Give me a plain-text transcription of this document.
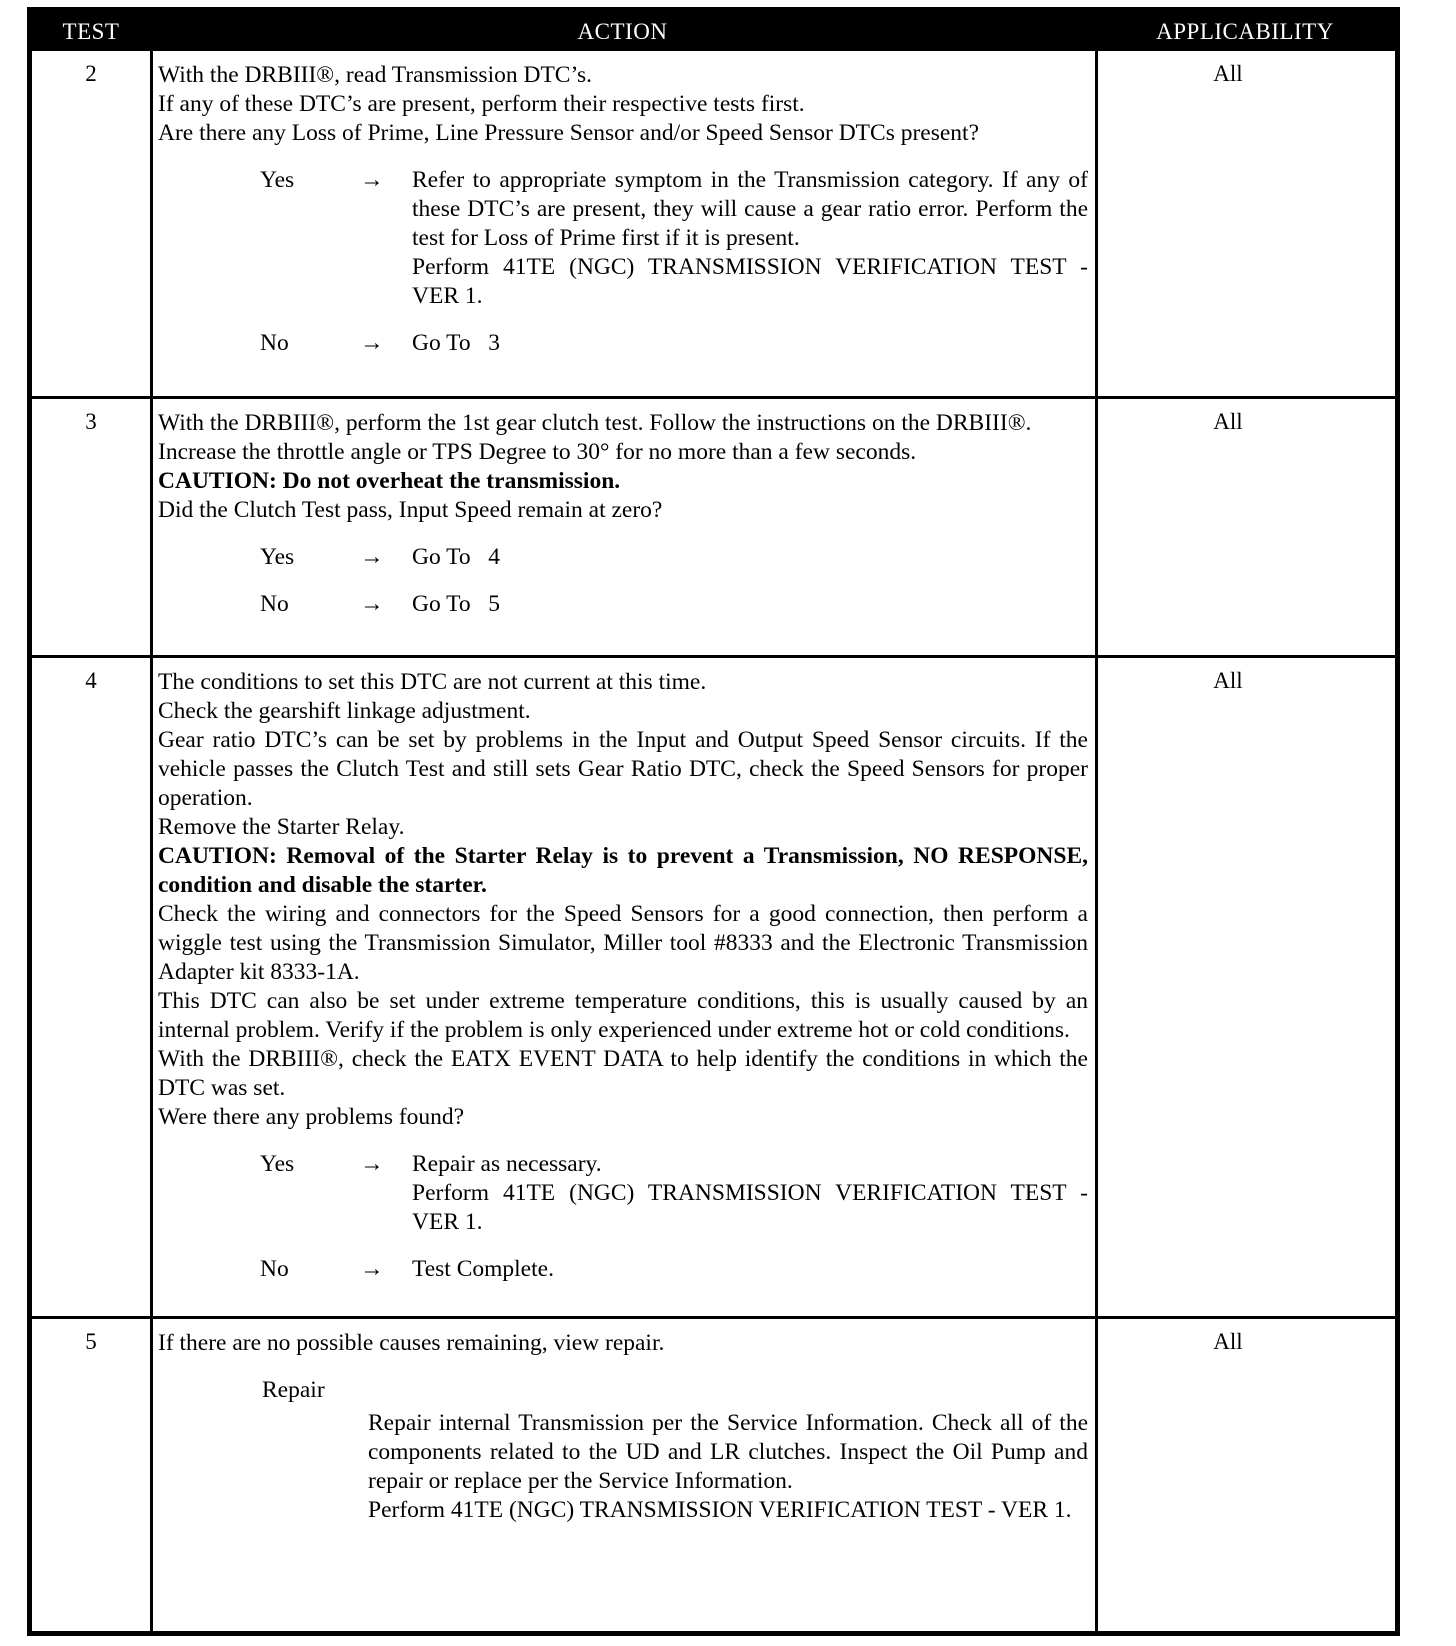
TEST	ACTION	APPLICABILITY
2	With the DRBIII®, read Transmission DTC’s.
If any of these DTC’s are present, perform their respective tests first.
Are there any Loss of Prime, Line Pressure Sensor and/or Speed Sensor DTCs present?
Yes	→	Refer to appropriate symptom in the Transmission category. If any of these DTC’s are present, they will cause a gear ratio error. Perform the test for Loss of Prime first if it is present.
Perform 41TE (NGC) TRANSMISSION VERIFICATION TEST - VER 1.
No	→	Go To   3
All
3	With the DRBIII®, perform the 1st gear clutch test. Follow the instructions on the DRBIII®.
Increase the throttle angle or TPS Degree to 30° for no more than a few seconds.
CAUTION: Do not overheat the transmission.
Did the Clutch Test pass, Input Speed remain at zero?
Yes	→	Go To   4
No	→	Go To   5
All
4	The conditions to set this DTC are not current at this time.
Check the gearshift linkage adjustment.
Gear ratio DTC’s can be set by problems in the Input and Output Speed Sensor circuits. If the vehicle passes the Clutch Test and still sets Gear Ratio DTC, check the Speed Sensors for proper operation.
Remove the Starter Relay.
CAUTION: Removal of the Starter Relay is to prevent a Transmission, NO RESPONSE, condition and disable the starter.
Check the wiring and connectors for the Speed Sensors for a good connection, then perform a wiggle test using the Transmission Simulator, Miller tool #8333 and the Electronic Transmission Adapter kit 8333-1A.
This DTC can also be set under extreme temperature conditions, this is usually caused by an internal problem. Verify if the problem is only experienced under extreme hot or cold conditions.
With the DRBIII®, check the EATX EVENT DATA to help identify the conditions in which the DTC was set.
Were there any problems found?
Yes	→	Repair as necessary.
Perform 41TE (NGC) TRANSMISSION VERIFICATION TEST - VER 1.
No	→	Test Complete.
All
5	If there are no possible causes remaining, view repair.
Repair
Repair internal Transmission per the Service Information. Check all of the components related to the UD and LR clutches. Inspect the Oil Pump and repair or replace per the Service Information.
Perform 41TE (NGC) TRANSMISSION VERIFICATION TEST - VER 1.
All
